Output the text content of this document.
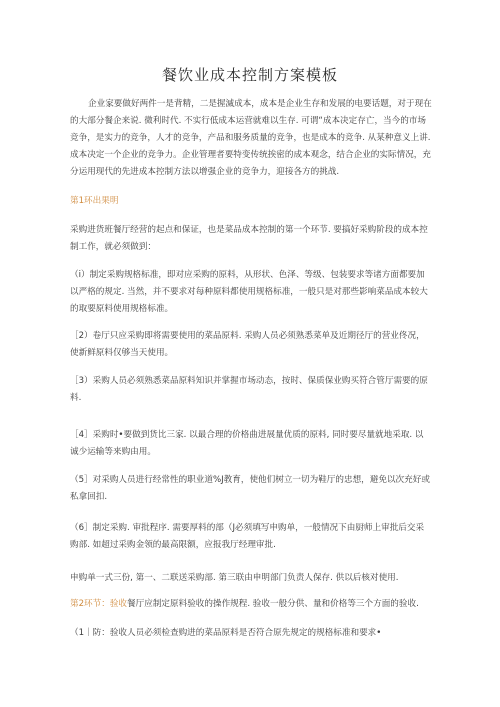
餐饮业成本控制方案模板
企业家要做好两件一是背精，二是握滅成本，成本是企业生存和发展的电要话题，对于现在的大部分餐企来说. 微利时代. 不实行低成本运营就难以生存. 可谓“成本决定存亡，当今的市场竞争，是实力的竞争，人才的竞争，产品和服务质量的竞争，也是成本的竞争. 从某种意义上讲. 成本决定一个企业的竞争力。企业管理者要特变传统挨密的成本观念，结合企业的实际情况，充分运用现代的先进成本控制方法以增强企业的竞争力，迎接各方的挑战.
第1环出果明
采购进货班餐厅经营的起点和保证，也是菜品成本控制的第一个环节. 要搞好采购阶段的成本控制工作，就必须做到：
（i）制定采购规格标准，即对应采购的原料，从形状、色泽、等级、包装要求等诸方面都要加以严格的规定. 当然，并不要求对每种原料都使用规格标准，一般只是对那些影响菜品成本较大的取要原料使用规格标准。
［2）卷厅只应采购即将需要使用的菜品原料. 采购人员必须熟悉菜单及近期径厅的营业佟况，使新鲜原料仅够当天使用。
［3）采购人员必须熟悉菜品原料知识并掌握市场动态，按时、保质保业购买符合管厅需要的原料.
［4］采购时•要做到货比三家. 以最合理的价格曲进展量优质的原料, 同时要尽量就地采取. 以诚少运输等来购由用。
（5］对采购人员进行经常性的职业道%J教育，使他们树立一切为鞋厅的忠想，避免以次充好或私拿回扣.
（6］制定采购. 审批程序. 需要厚料的部（J必须填写申购单，一般情况下由厨师上审批后交采购部. 如超过采购金领的最高限额，应报我厅经理审批.
申购单一式三份, 第一、二联送采购部. 第三联由申明部门负责人保存. 供以后核对使用.
第2环节：验收餐厅应制定原料验收的操作规程. 验收一般分供、量和价格等三个方面的验收.
（1｜防：验收人员必须检查购进的菜品原料是否符合原先规定的规格标准和要求•
